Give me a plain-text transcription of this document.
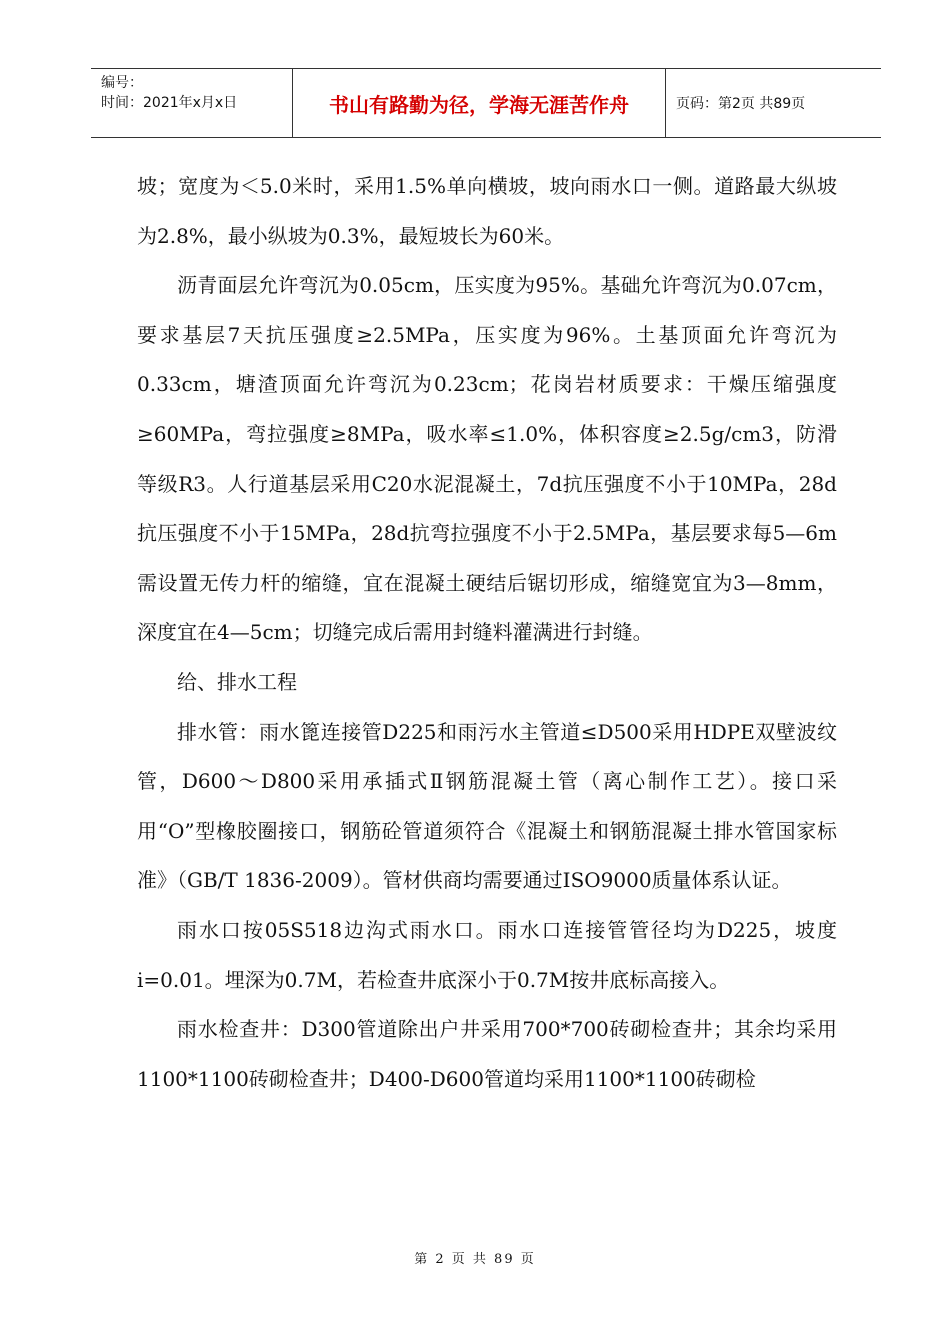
编号：
时间：2021年x月x日	书山有路勤为径，学海无涯苦作舟	页码：第2页 共89页

坡；宽度为＜5.0米时，采用1.5%单向横坡，坡向雨水口一侧。道路最大纵坡为2.8%，最小纵坡为0.3%，最短坡长为60米。

沥青面层允许弯沉为0.05cm，压实度为95%。基础允许弯沉为0.07cm，要求基层7天抗压强度≥2.5MPa，压实度为96%。土基顶面允许弯沉为0.33cm，塘渣顶面允许弯沉为0.23cm；花岗岩材质要求：干燥压缩强度≥60MPa，弯拉强度≥8MPa，吸水率≤1.0%，体积容度≥2.5g/cm3，防滑等级R3。人行道基层采用C20水泥混凝土，7d抗压强度不小于10MPa，28d抗压强度不小于15MPa，28d抗弯拉强度不小于2.5MPa，基层要求每5—6m需设置无传力杆的缩缝，宜在混凝土硬结后锯切形成，缩缝宽宜为3—8mm，深度宜在4—5cm；切缝完成后需用封缝料灌满进行封缝。

给、排水工程

排水管：雨水篦连接管D225和雨污水主管道≤D500采用HDPE双壁波纹管，D600～D800采用承插式Ⅱ钢筋混凝土管（离心制作工艺）。接口采用“O”型橡胶圈接口，钢筋砼管道须符合《混凝土和钢筋混凝土排水管国家标准》（GB/T 1836-2009）。管材供商均需要通过ISO9000质量体系认证。

雨水口按05S518边沟式雨水口。雨水口连接管管径均为D225，坡度i=0.01。埋深为0.7M，若检查井底深小于0.7M按井底标高接入。

雨水检查井：D300管道除出户井采用700*700砖砌检查井；其余均采用1100*1100砖砌检查井；D400-D600管道均采用1100*1100砖砌检

第 2 页 共 89 页
